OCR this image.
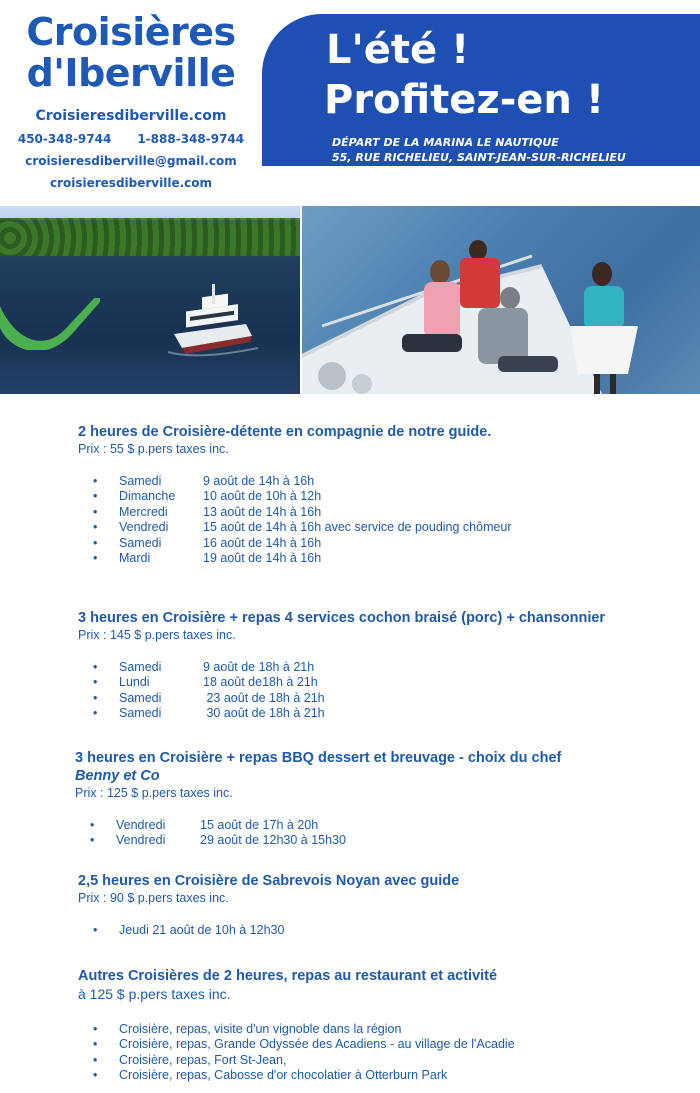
Croisières
d'Iberville
Croisieresdiberville.com
450-348-9744 1-888-348-9744
croisieresdiberville@gmail.com
croisieresdiberville.com
L'été !
Profitez-en !
DÉPART DE LA MARINA LE NAUTIQUE
55, RUE RICHELIEU, SAINT-JEAN-SUR-RICHELIEU
2 heures de Croisière-détente en compagnie de notre guide.
Prix : 55 $ p.pers taxes inc.
• Samedi	9 août de 14h à 16h
• Dimanche 10 août de 10h à 12h
• Mercredi	13 août de 14h à 16h
• Vendredi	15 août de 14h à 16h avec service de pouding chômeur
• Samedi	16 août de 14h à 16h
• Mardi	19 août de 14h à 16h
3 heures en Croisière + repas 4 services cochon braisé (porc) + chansonnier
Prix : 145 $ p.pers taxes inc.
• Samedi	9 août de 18h à 21h
• Lundi	18 août de18h à 21h
• Samedi	23 août de 18h à 21h
• Samedi	30 août de 18h à 21h
3 heures en Croisière + repas BBQ dessert et breuvage - choix du chef
Benny et Co
Prix : 125 $ p.pers taxes inc.
• Vendredi	15 août de 17h à 20h
• Vendredi	29 août de 12h30 à 15h30
2,5 heures en Croisière de Sabrevois Noyan avec guide
Prix : 90 $ p.pers taxes inc.
• Jeudi 21 août de 10h à 12h30
Autres Croisières de 2 heures, repas au restaurant et activité
à 125 $ p.pers taxes inc.
• Croisière, repas, visite d'un vignoble dans la région
• Croisière, repas, Grande Odyssée des Acadiens - au village de l'Acadie
• Croisière, repas, Fort St-Jean,
• Croisière, repas, Cabosse d'or chocolatier à Otterburn Park
